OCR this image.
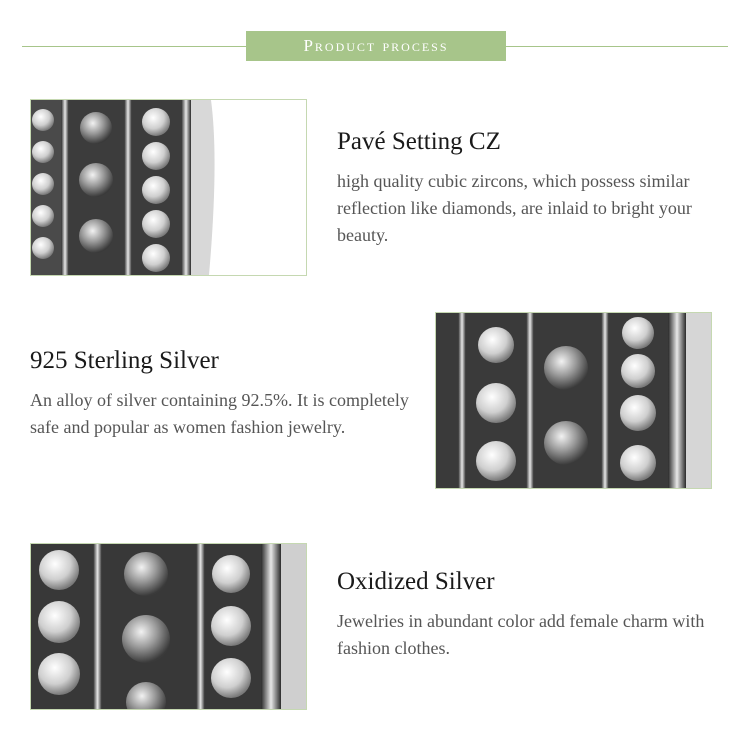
Product process
Pavé Setting CZ
high quality cubic zircons, which possess similar reflection like diamonds, are inlaid to bright your beauty.
925 Sterling Silver
An alloy of silver containing 92.5%. It is completely safe and popular as women fashion jewelry.
Oxidized Silver
Jewelries in abundant color add female charm with fashion clothes.
